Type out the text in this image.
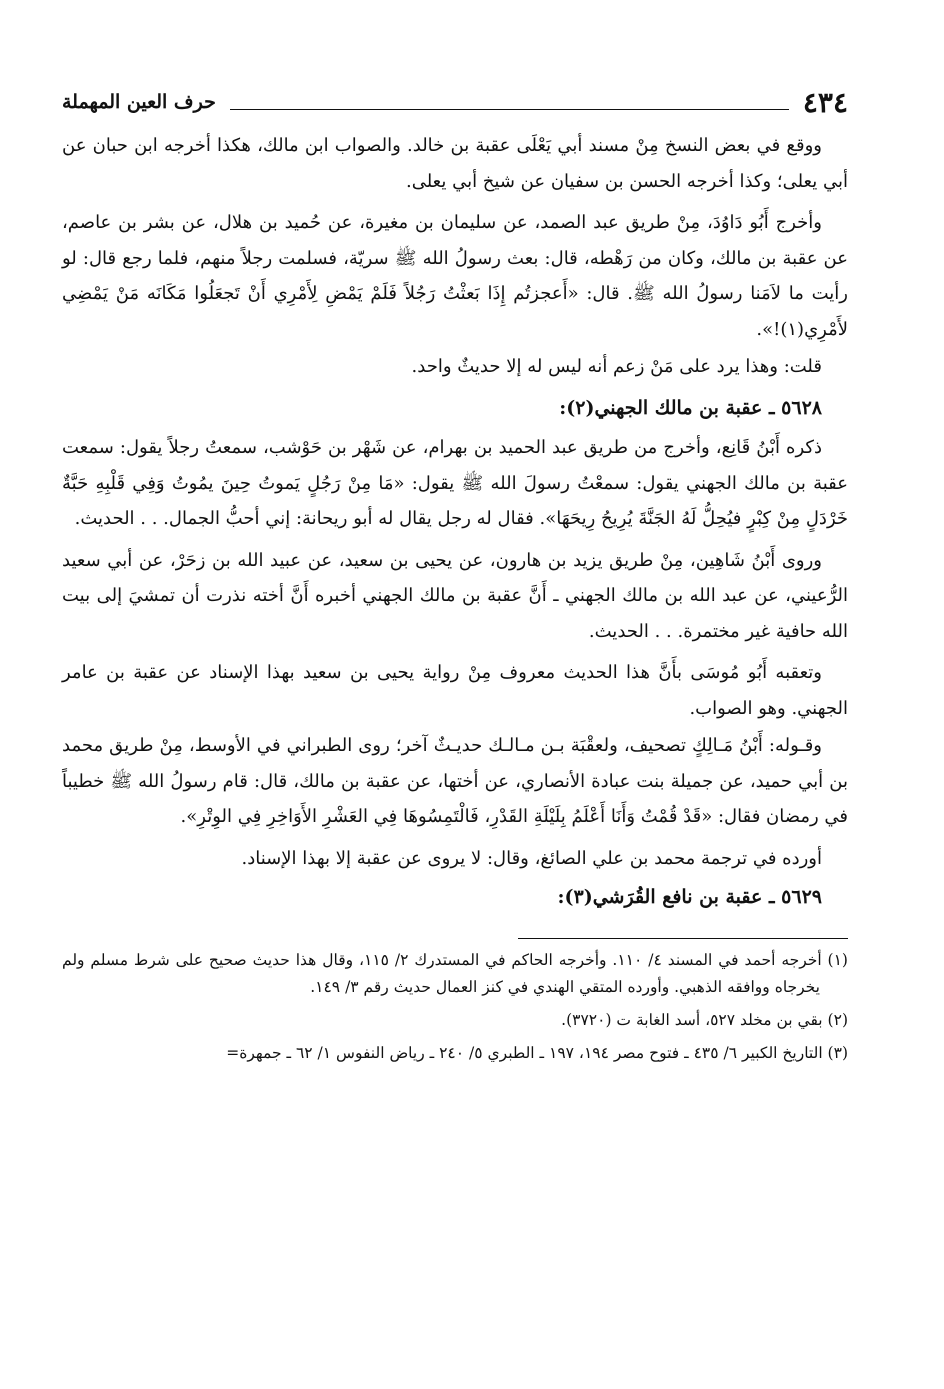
٤٣٤
حرف العين المهملة

ووقع في بعض النسخ مِنْ مسند أبي يَعْلَى عقبة بن خالد. والصواب ابن مالك، هكذا أخرجه ابن حبان عن أبي يعلى؛ وكذا أخرجه الحسن بن سفيان عن شيخ أبي يعلى.

وأخرج أَبُو دَاوُدَ، مِنْ طريق عبد الصمد، عن سليمان بن مغيرة، عن حُميد بن هلال، عن بشر بن عاصم، عن عقبة بن مالك، وكان من رَهْطه، قال: بعث رسولُ الله ﷺ سريّة، فسلمت رجلاً منهم، فلما رجع قال: لو رأيت ما لاَمَنا رسولُ الله ﷺ. قال: «أَعجزتُم إِذَا بَعثْتُ رَجُلاً فَلَمْ يَمْضِ لِأَمْرِي أَنْ تَجعَلُوا مَكَانَه مَنْ يَمْضِي لأَمْرِي(١)!».

قلت: وهذا يرد على مَنْ زعم أنه ليس له إلا حديثٌ واحد.

٥٦٢٨ ـ عقبة بن مالك الجهني(٢):

ذكره أَبْنُ قَانِع، وأخرج من طريق عبد الحميد بن بهرام، عن شَهْر بن حَوْشب، سمعتُ رجلاً يقول: سمعت عقبة بن مالك الجهني يقول: سمعْتُ رسولَ الله ﷺ يقول: «مَا مِنْ رَجُلٍ يَموتُ حِينَ يمُوتُ وَفِي قَلْبِهِ حَبَّةٌ خَرْدَلٍ مِنْ كِبْرٍ فيُحِلُّ لَهُ الجَنَّةَ يُرِيحُ رِيحَهَا». فقال له رجل يقال له أبو ريحانة: إني أحبُّ الجمال. . . الحديث.

وروى أَبْنُ شَاهِين، مِنْ طريق يزيد بن هارون، عن يحيى بن سعيد، عن عبيد الله بن زحَرْ، عن أبي سعيد الرُّعيني، عن عبد الله بن مالك الجهني ـ أَنَّ عقبة بن مالك الجهني أخبره أَنَّ أخته نذرت أن تمشيَ إلى بيت الله حافية غير مختمرة. . . الحديث.

وتعقبه أَبُو مُوسَى بأَنَّ هذا الحديث معروف مِنْ رواية يحيى بن سعيد بهذا الإسناد عن عقبة بن عامر الجهني. وهو الصواب.

وقـوله: أَبْنُ مَـالِكٍ تصحيف، ولعقْبَة بـن مـالـك حديـثٌ آخر؛ روى الطبراني في الأوسط، مِنْ طريق محمد بن أبي حميد، عن جميلة بنت عبادة الأنصاري، عن أختها، عن عقبة بن مالك، قال: قام رسولُ الله ﷺ خطيباً في رمضان فقال: «قَدْ قُمْتُ وَأَنَا أَعْلَمُ بِلَيْلَةِ القَدْرِ، فَالْتَمِسُوهَا فِي العَشْرِ الأَوَاخِرِ فِي الوِتْرِ».

أورده في ترجمة محمد بن علي الصائغ، وقال: لا يروى عن عقبة إلا بهذا الإسناد.

٥٦٢٩ ـ عقبة بن نافع القُرَشي(٣):

(١) أخرجه أحمد في المسند ٤/ ١١٠. وأخرجه الحاكم في المستدرك ٢/ ١١٥، وقال هذا حديث صحيح على شرط مسلم ولم يخرجاه ووافقه الذهبي. وأورده المتقي الهندي في كنز العمال حديث رقم ٣/ ١٤٩.

(٢) بقي بن مخلد ٥٢٧، أسد الغابة ت (٣٧٢٠).

(٣) التاريخ الكبير ٦/ ٤٣٥ ـ فتوح مصر ١٩٤، ١٩٧ ـ الطبري ٥/ ٢٤٠ ـ رياض النفوس ١/ ٦٢ ـ جمهرة=
